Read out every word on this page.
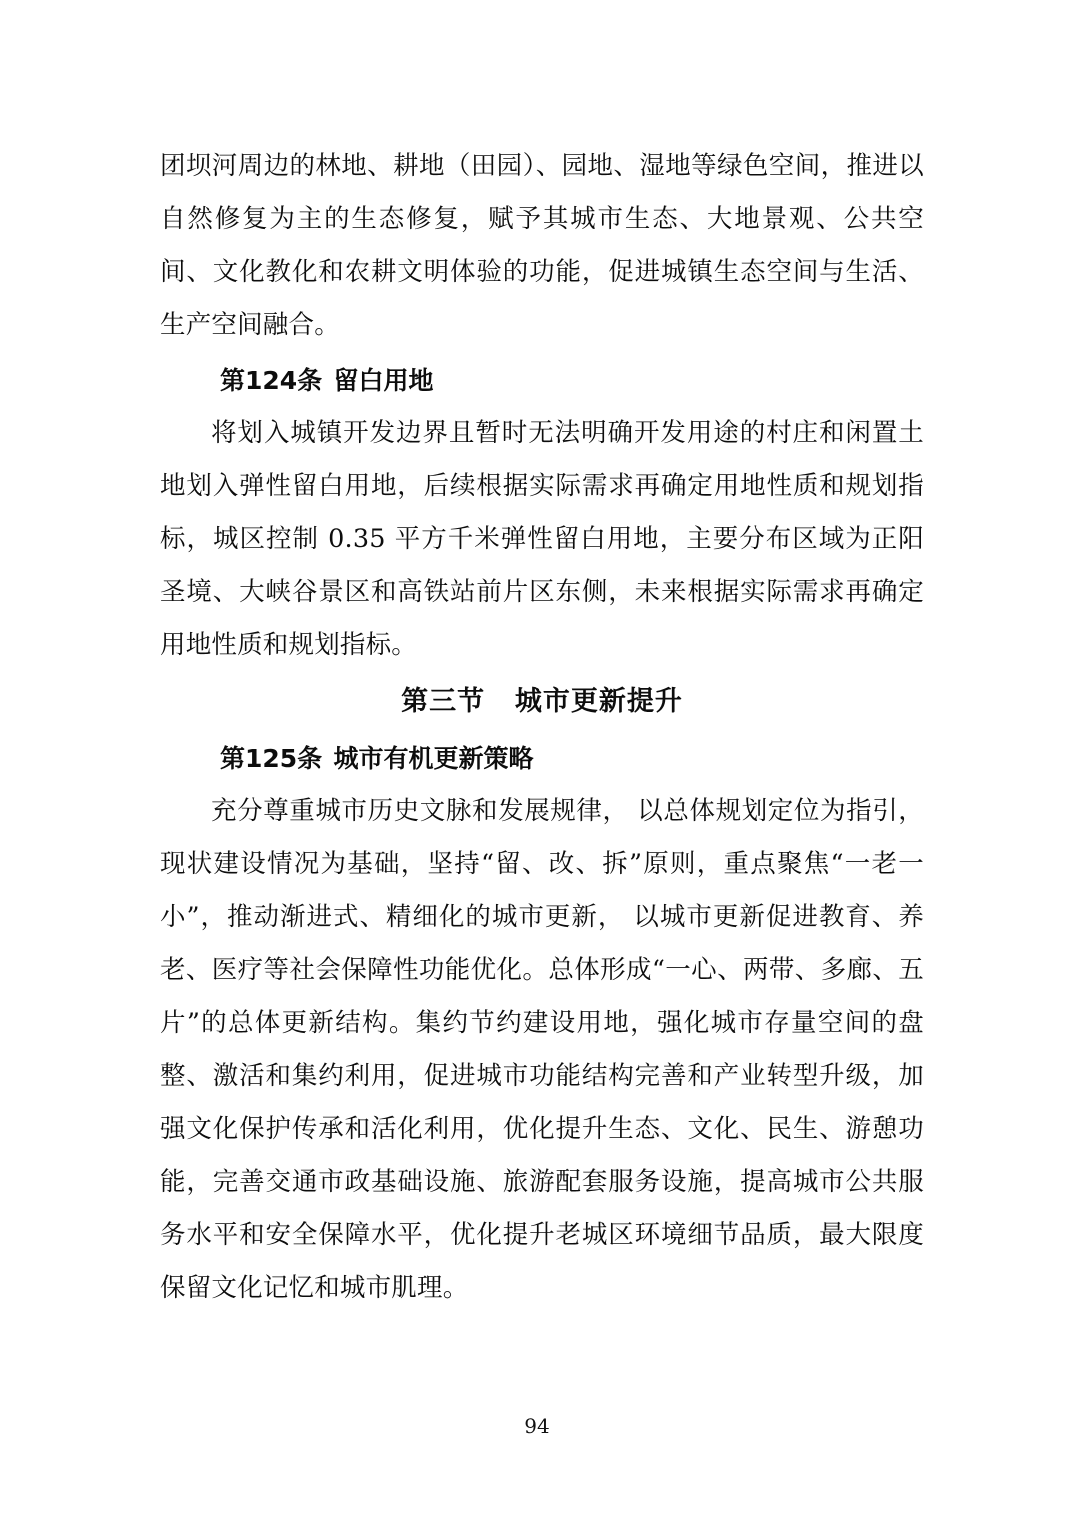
团坝河周边的林地、耕地（田园）、园地、湿地等绿色空间，推进以自然修复为主的生态修复，赋予其城市生态、大地景观、公共空间、文化教化和农耕文明体验的功能，促进城镇生态空间与生活、生产空间融合。

第124条 留白用地

将划入城镇开发边界且暂时无法明确开发用途的村庄和闲置土地划入弹性留白用地，后续根据实际需求再确定用地性质和规划指标，城区控制 0.35 平方千米弹性留白用地，主要分布区域为正阳圣境、大峡谷景区和高铁站前片区东侧，未来根据实际需求再确定用地性质和规划指标。

第三节 城市更新提升
第125条 城市有机更新策略

充分尊重城市历史文脉和发展规律， 以总体规划定位为指引，现状建设情况为基础，坚持“留、改、拆”原则，重点聚焦“一老一小”，推动渐进式、精细化的城市更新， 以城市更新促进教育、养老、医疗等社会保障性功能优化。总体形成“一心、两带、多廊、五片”的总体更新结构。集约节约建设用地，强化城市存量空间的盘整、激活和集约利用，促进城市功能结构完善和产业转型升级，加强文化保护传承和活化利用，优化提升生态、文化、民生、游憩功能，完善交通市政基础设施、旅游配套服务设施，提高城市公共服务水平和安全保障水平，优化提升老城区环境细节品质，最大限度保留文化记忆和城市肌理。

94
